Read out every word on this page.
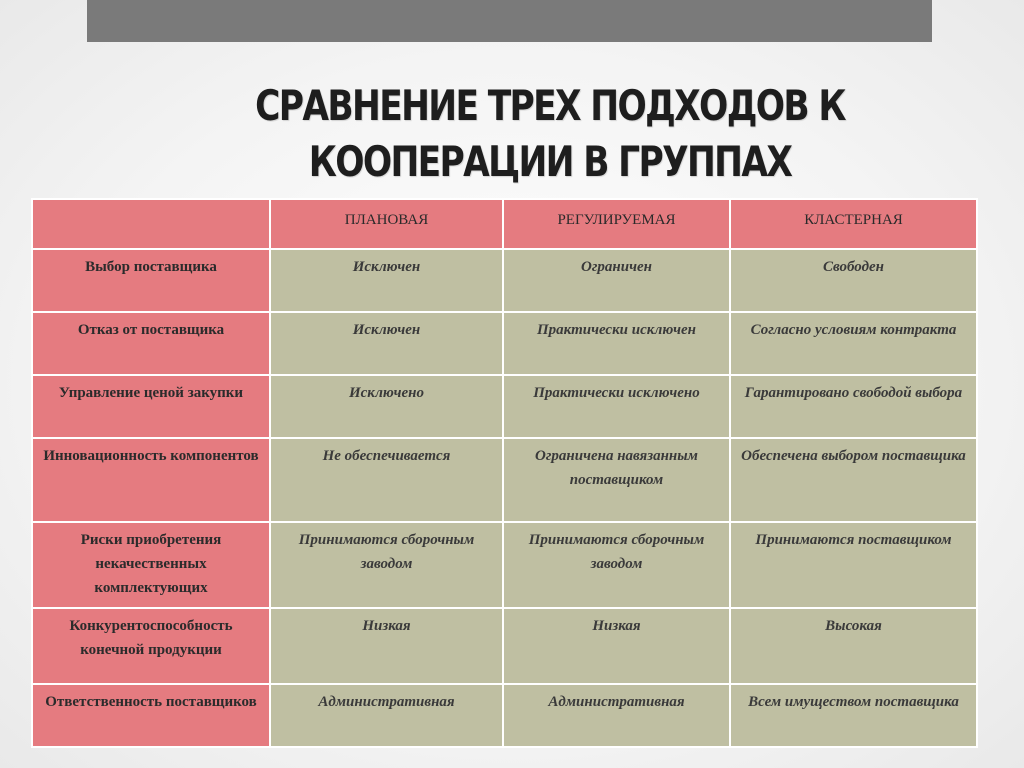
СРАВНЕНИЕ ТРЕХ ПОДХОДОВ К
КООПЕРАЦИИ В ГРУППАХ
	ПЛАНОВАЯ	РЕГУЛИРУЕМАЯ	КЛАСТЕРНАЯ
Выбор поставщика	Исключен	Ограничен	Свободен
Отказ от поставщика	Исключен	Практически исключен	Согласно условиям контракта
Управление ценой закупки	Исключено	Практически исключено	Гарантировано свободой выбора
Инновационность компонентов	Не обеспечивается	Ограничена навязанным поставщиком	Обеспечена выбором поставщика
Риски приобретения некачественных комплектующих	Принимаются сборочным заводом	Принимаются сборочным заводом	Принимаются поставщиком
Конкурентоспособность конечной продукции	Низкая	Низкая	Высокая
Ответственность поставщиков	Административная	Административная	Всем имуществом поставщика
